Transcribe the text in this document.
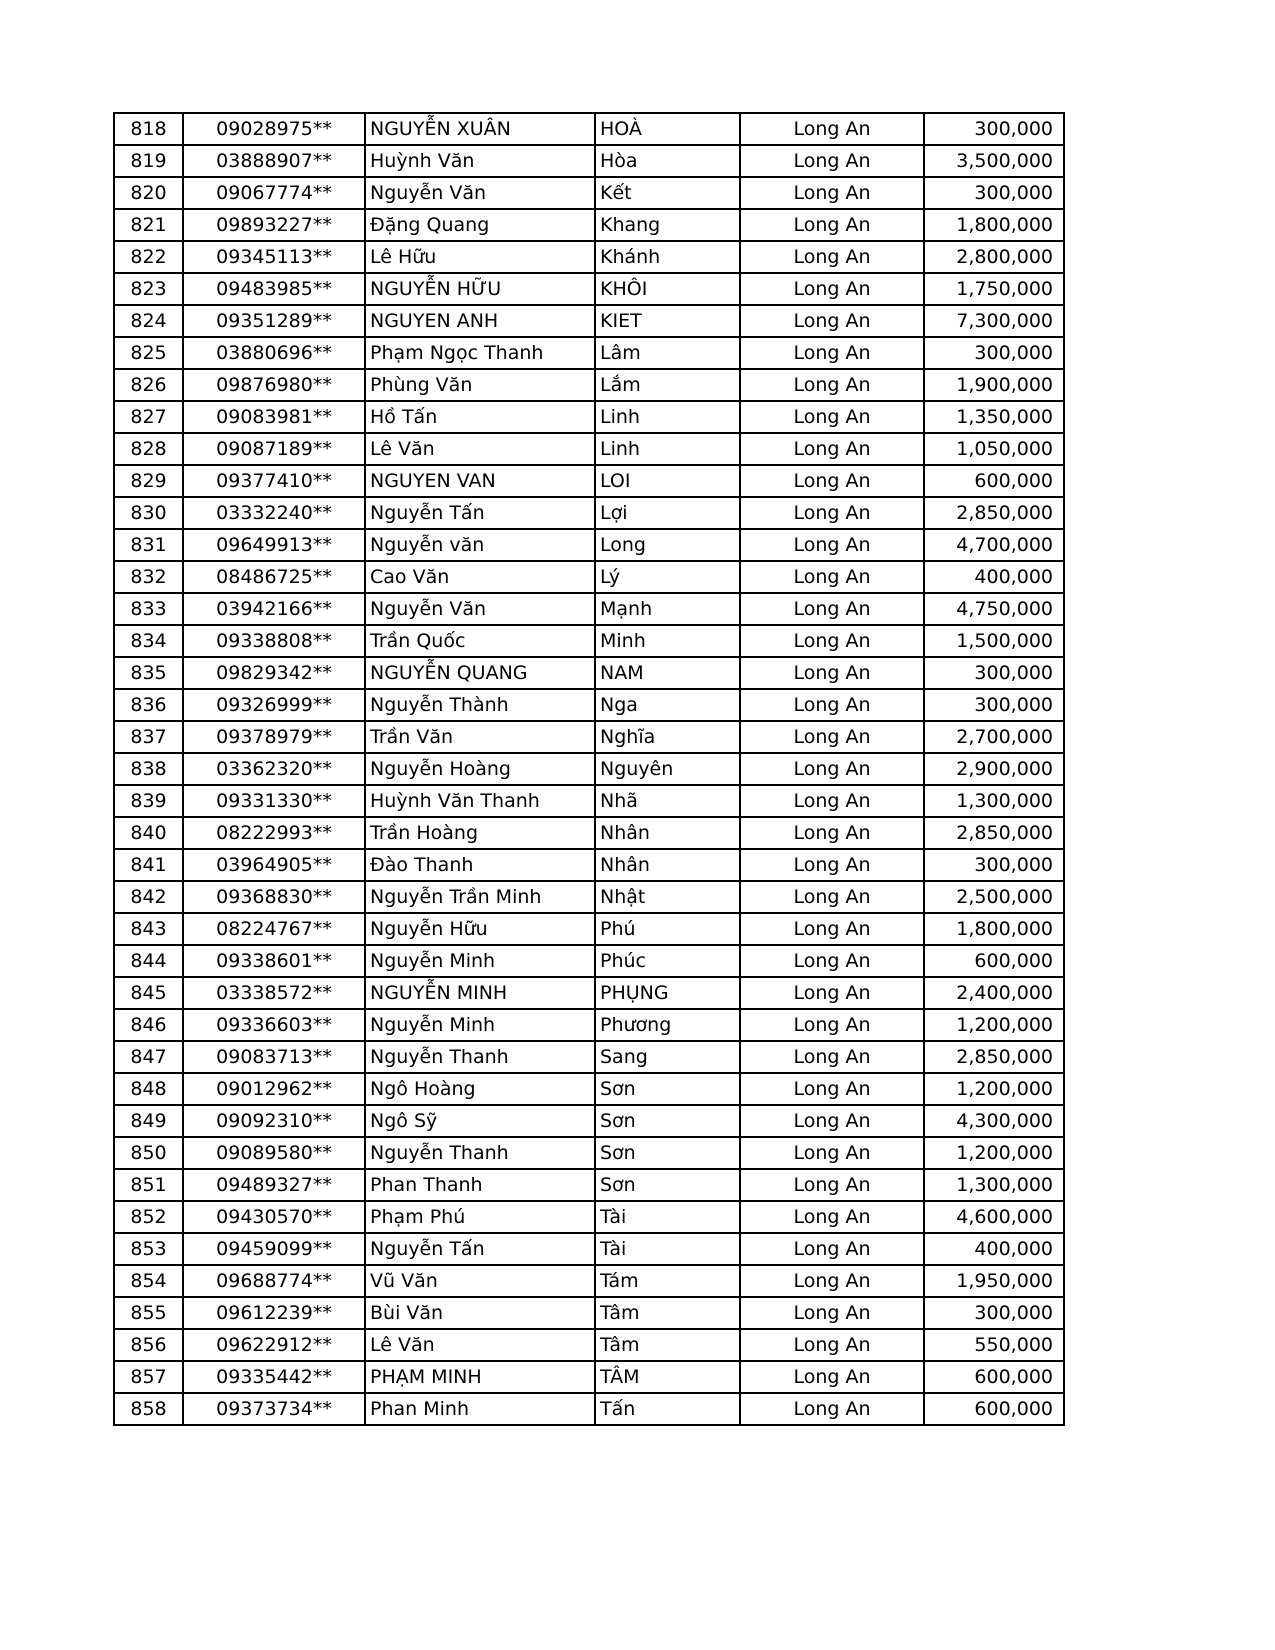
818	09028975**	NGUYỄN XUÂN	HOÀ	Long An	300,000
819	03888907**	Huỳnh Văn	Hòa	Long An	3,500,000
820	09067774**	Nguyễn Văn	Kết	Long An	300,000
821	09893227**	Đặng Quang	Khang	Long An	1,800,000
822	09345113**	Lê Hữu	Khánh	Long An	2,800,000
823	09483985**	NGUYỄN HỮU	KHÔI	Long An	1,750,000
824	09351289**	NGUYEN ANH	KIET	Long An	7,300,000
825	03880696**	Phạm Ngọc Thanh	Lâm	Long An	300,000
826	09876980**	Phùng Văn	Lắm	Long An	1,900,000
827	09083981**	Hồ Tấn	Linh	Long An	1,350,000
828	09087189**	Lê Văn	Linh	Long An	1,050,000
829	09377410**	NGUYEN VAN	LOI	Long An	600,000
830	03332240**	Nguyễn Tấn	Lợi	Long An	2,850,000
831	09649913**	Nguyễn văn	Long	Long An	4,700,000
832	08486725**	Cao Văn	Lý	Long An	400,000
833	03942166**	Nguyễn Văn	Mạnh	Long An	4,750,000
834	09338808**	Trần Quốc	Minh	Long An	1,500,000
835	09829342**	NGUYỄN QUANG	NAM	Long An	300,000
836	09326999**	Nguyễn Thành	Nga	Long An	300,000
837	09378979**	Trần Văn	Nghĩa	Long An	2,700,000
838	03362320**	Nguyễn Hoàng	Nguyên	Long An	2,900,000
839	09331330**	Huỳnh Văn Thanh	Nhã	Long An	1,300,000
840	08222993**	Trần Hoàng	Nhân	Long An	2,850,000
841	03964905**	Đào Thanh	Nhân	Long An	300,000
842	09368830**	Nguyễn Trần Minh	Nhật	Long An	2,500,000
843	08224767**	Nguyễn Hữu	Phú	Long An	1,800,000
844	09338601**	Nguyễn Minh	Phúc	Long An	600,000
845	03338572**	NGUYỄN MINH	PHỤNG	Long An	2,400,000
846	09336603**	Nguyễn Minh	Phương	Long An	1,200,000
847	09083713**	Nguyễn Thanh	Sang	Long An	2,850,000
848	09012962**	Ngô Hoàng	Sơn	Long An	1,200,000
849	09092310**	Ngô Sỹ	Sơn	Long An	4,300,000
850	09089580**	Nguyễn Thanh	Sơn	Long An	1,200,000
851	09489327**	Phan Thanh	Sơn	Long An	1,300,000
852	09430570**	Phạm Phú	Tài	Long An	4,600,000
853	09459099**	Nguyễn Tấn	Tài	Long An	400,000
854	09688774**	Vũ Văn	Tám	Long An	1,950,000
855	09612239**	Bùi Văn	Tâm	Long An	300,000
856	09622912**	Lê Văn	Tâm	Long An	550,000
857	09335442**	PHẠM MINH	TÂM	Long An	600,000
858	09373734**	Phan Minh	Tấn	Long An	600,000
